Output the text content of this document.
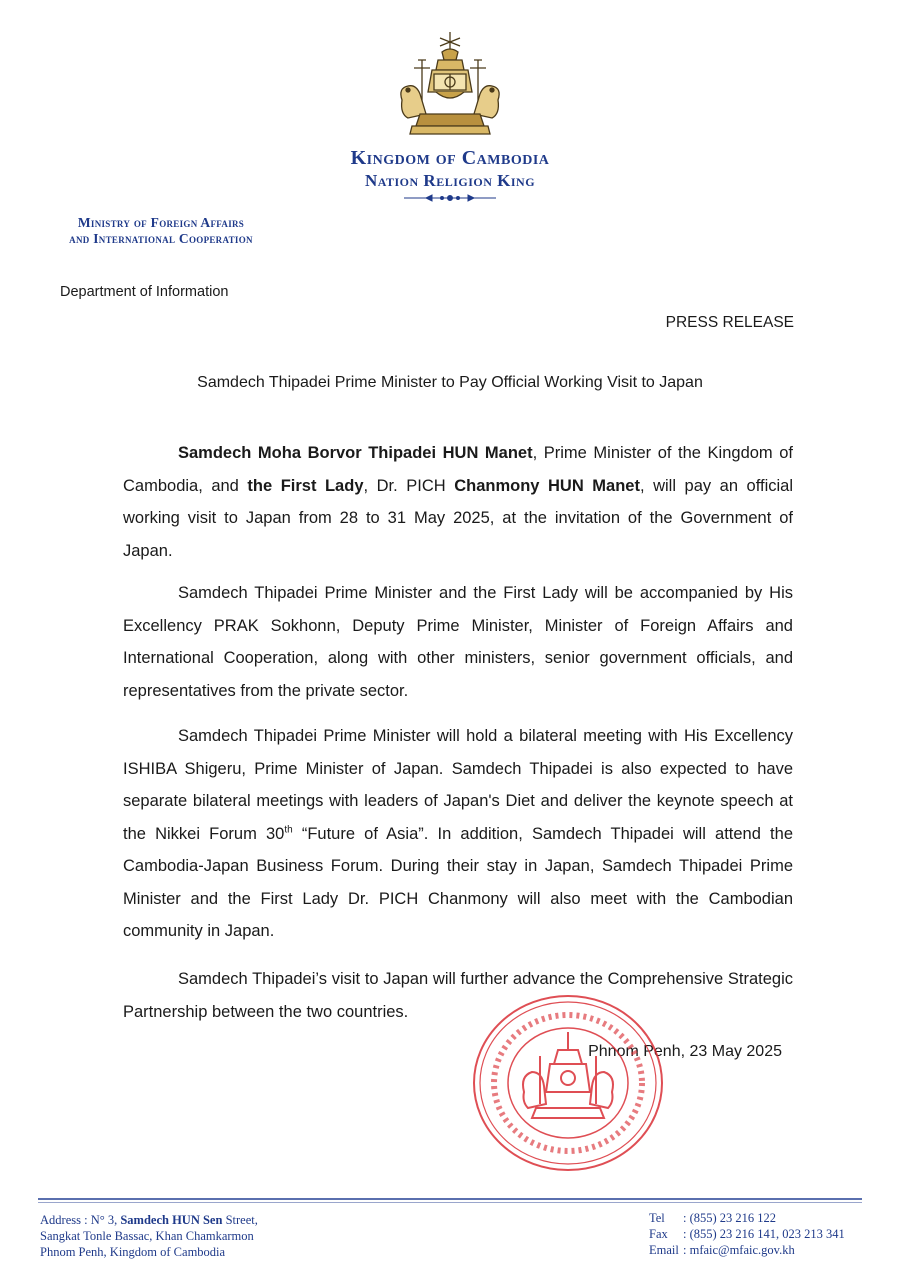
Kingdom of Cambodia
Nation Religion King
Ministry of Foreign Affairs
and International Cooperation
Department of Information
PRESS RELEASE
Samdech Thipadei Prime Minister to Pay Official Working Visit to Japan

Samdech Moha Borvor Thipadei HUN Manet, Prime Minister of the Kingdom of Cambodia, and the First Lady, Dr. PICH Chanmony HUN Manet, will pay an official working visit to Japan from 28 to 31 May 2025, at the invitation of the Government of Japan.

Samdech Thipadei Prime Minister and the First Lady will be accompanied by His Excellency PRAK Sokhonn, Deputy Prime Minister, Minister of Foreign Affairs and International Cooperation, along with other ministers, senior government officials, and representatives from the private sector.

Samdech Thipadei Prime Minister will hold a bilateral meeting with His Excellency ISHIBA Shigeru, Prime Minister of Japan. Samdech Thipadei is also expected to have separate bilateral meetings with leaders of Japan's Diet and deliver the keynote speech at the Nikkei Forum 30th “Future of Asia”. In addition, Samdech Thipadei will attend the Cambodia-Japan Business Forum. During their stay in Japan, Samdech Thipadei Prime Minister and the First Lady Dr. PICH Chanmony will also meet with the Cambodian community in Japan.

Samdech Thipadei’s visit to Japan will further advance the Comprehensive Strategic Partnership between the two countries.

Phnom Penh, 23 May 2025
Address : N° 3, Samdech HUN Sen Street,
Sangkat Tonle Bassac, Khan Chamkarmon
Phnom Penh, Kingdom of Cambodia
Tel : (855) 23 216 122
Fax : (855) 23 216 141, 023 213 341
Email : mfaic@mfaic.gov.kh
